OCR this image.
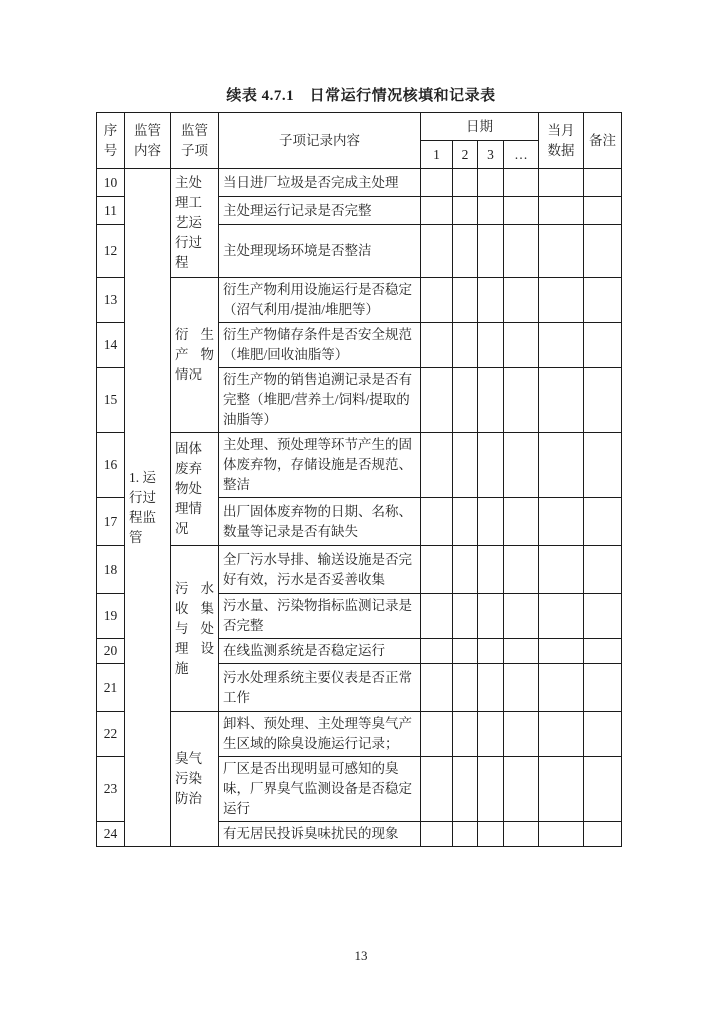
续表 4.7.1　日常运行情况核填和记录表
序号	监管内容	监管子项	子项记录内容	日期				当月数据	备注
				1	2	3	…		
10	1. 运行过程监管	主处理工艺运行过程	当日进厂垃圾是否完成主处理						
11			主处理运行记录是否完整						
12			主处理现场环境是否整洁						
13		衍生产物情况	衍生产物利用设施运行是否稳定（沼气利用/提油/堆肥等）						
14			衍生产物储存条件是否安全规范（堆肥/回收油脂等）						
15			衍生产物的销售追溯记录是否有完整（堆肥/营养土/饲料/提取的油脂等）						
16		固体废弃物处理情况	主处理、预处理等环节产生的固体废弃物，存储设施是否规范、整洁						
17			出厂固体废弃物的日期、名称、数量等记录是否有缺失						
18		污水收集与处理设施	全厂污水导排、输送设施是否完好有效，污水是否妥善收集						
19			污水量、污染物指标监测记录是否完整						
20			在线监测系统是否稳定运行						
21			污水处理系统主要仪表是否正常工作						
22		臭气污染防治	卸料、预处理、主处理等臭气产生区域的除臭设施运行记录；						
23			厂区是否出现明显可感知的臭味，厂界臭气监测设备是否稳定运行						
24			有无居民投诉臭味扰民的现象						
13
